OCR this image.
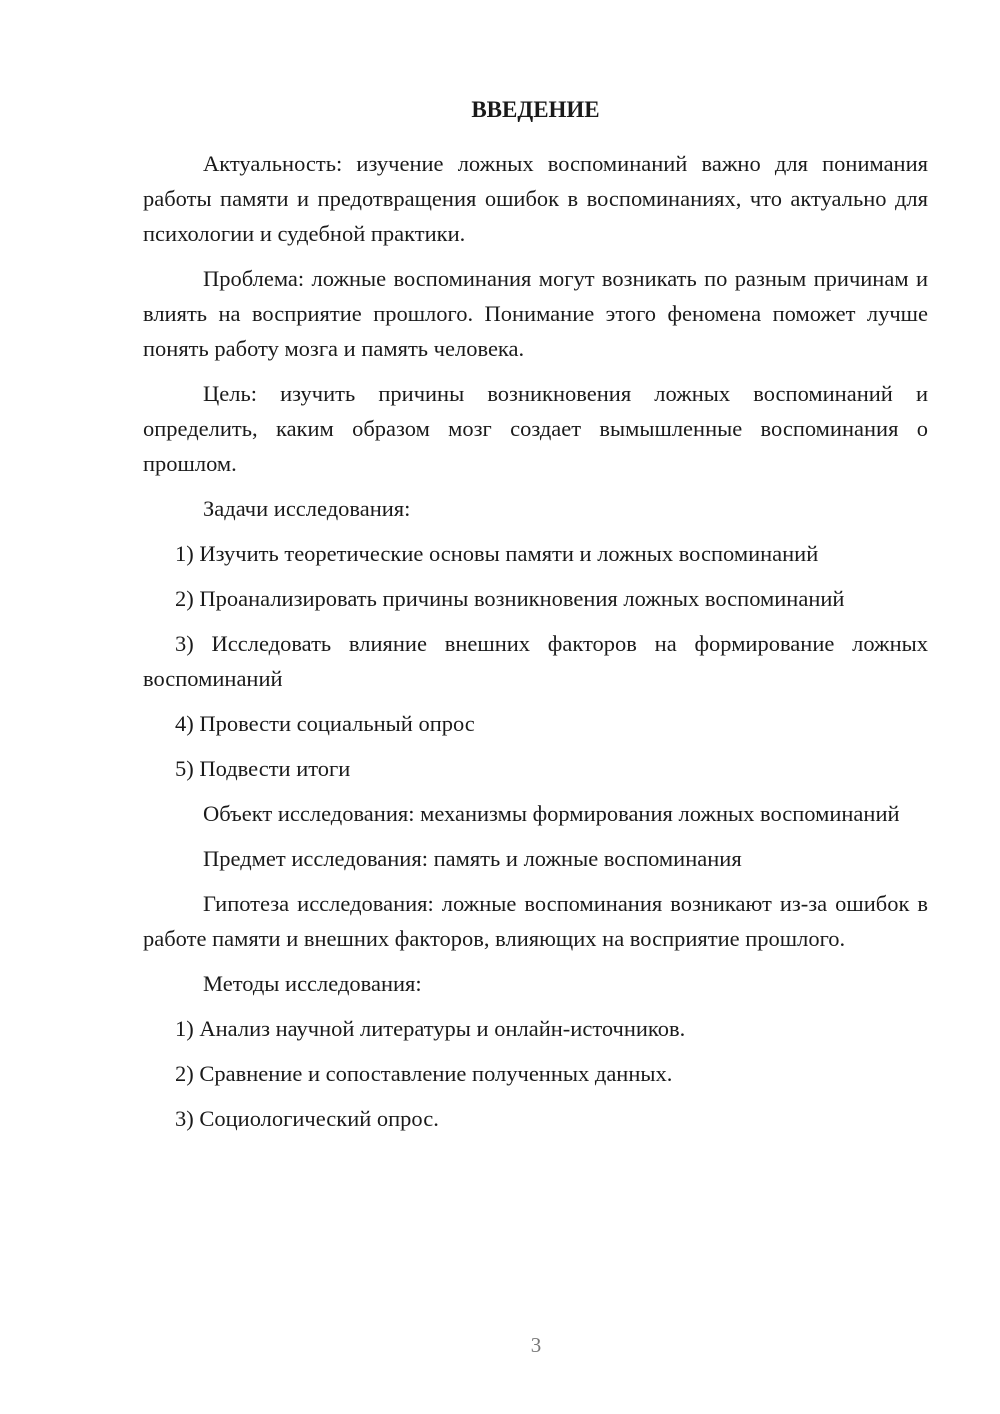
ВВЕДЕНИЕ

Актуальность: изучение ложных воспоминаний важно для понимания работы памяти и предотвращения ошибок в воспоминаниях, что актуально для психологии и судебной практики.

Проблема: ложные воспоминания могут возникать по разным причинам и влиять на восприятие прошлого. Понимание этого феномена поможет лучше понять работу мозга и память человека.

Цель: изучить причины возникновения ложных воспоминаний и определить, каким образом мозг создает вымышленные воспоминания о прошлом.

Задачи исследования:

1) Изучить теоретические основы памяти и ложных воспоминаний

2) Проанализировать причины возникновения ложных воспоминаний

3) Исследовать влияние внешних факторов на формирование ложных воспоминаний

4) Провести социальный опрос

5) Подвести итоги

Объект исследования: механизмы формирования ложных воспоминаний

Предмет исследования: память и ложные воспоминания

Гипотеза исследования: ложные воспоминания возникают из-за ошибок в работе памяти и внешних факторов, влияющих на восприятие прошлого.

Методы исследования:

1) Анализ научной литературы и онлайн-источников.

2) Сравнение и сопоставление полученных данных.

3) Социологический опрос.

3
